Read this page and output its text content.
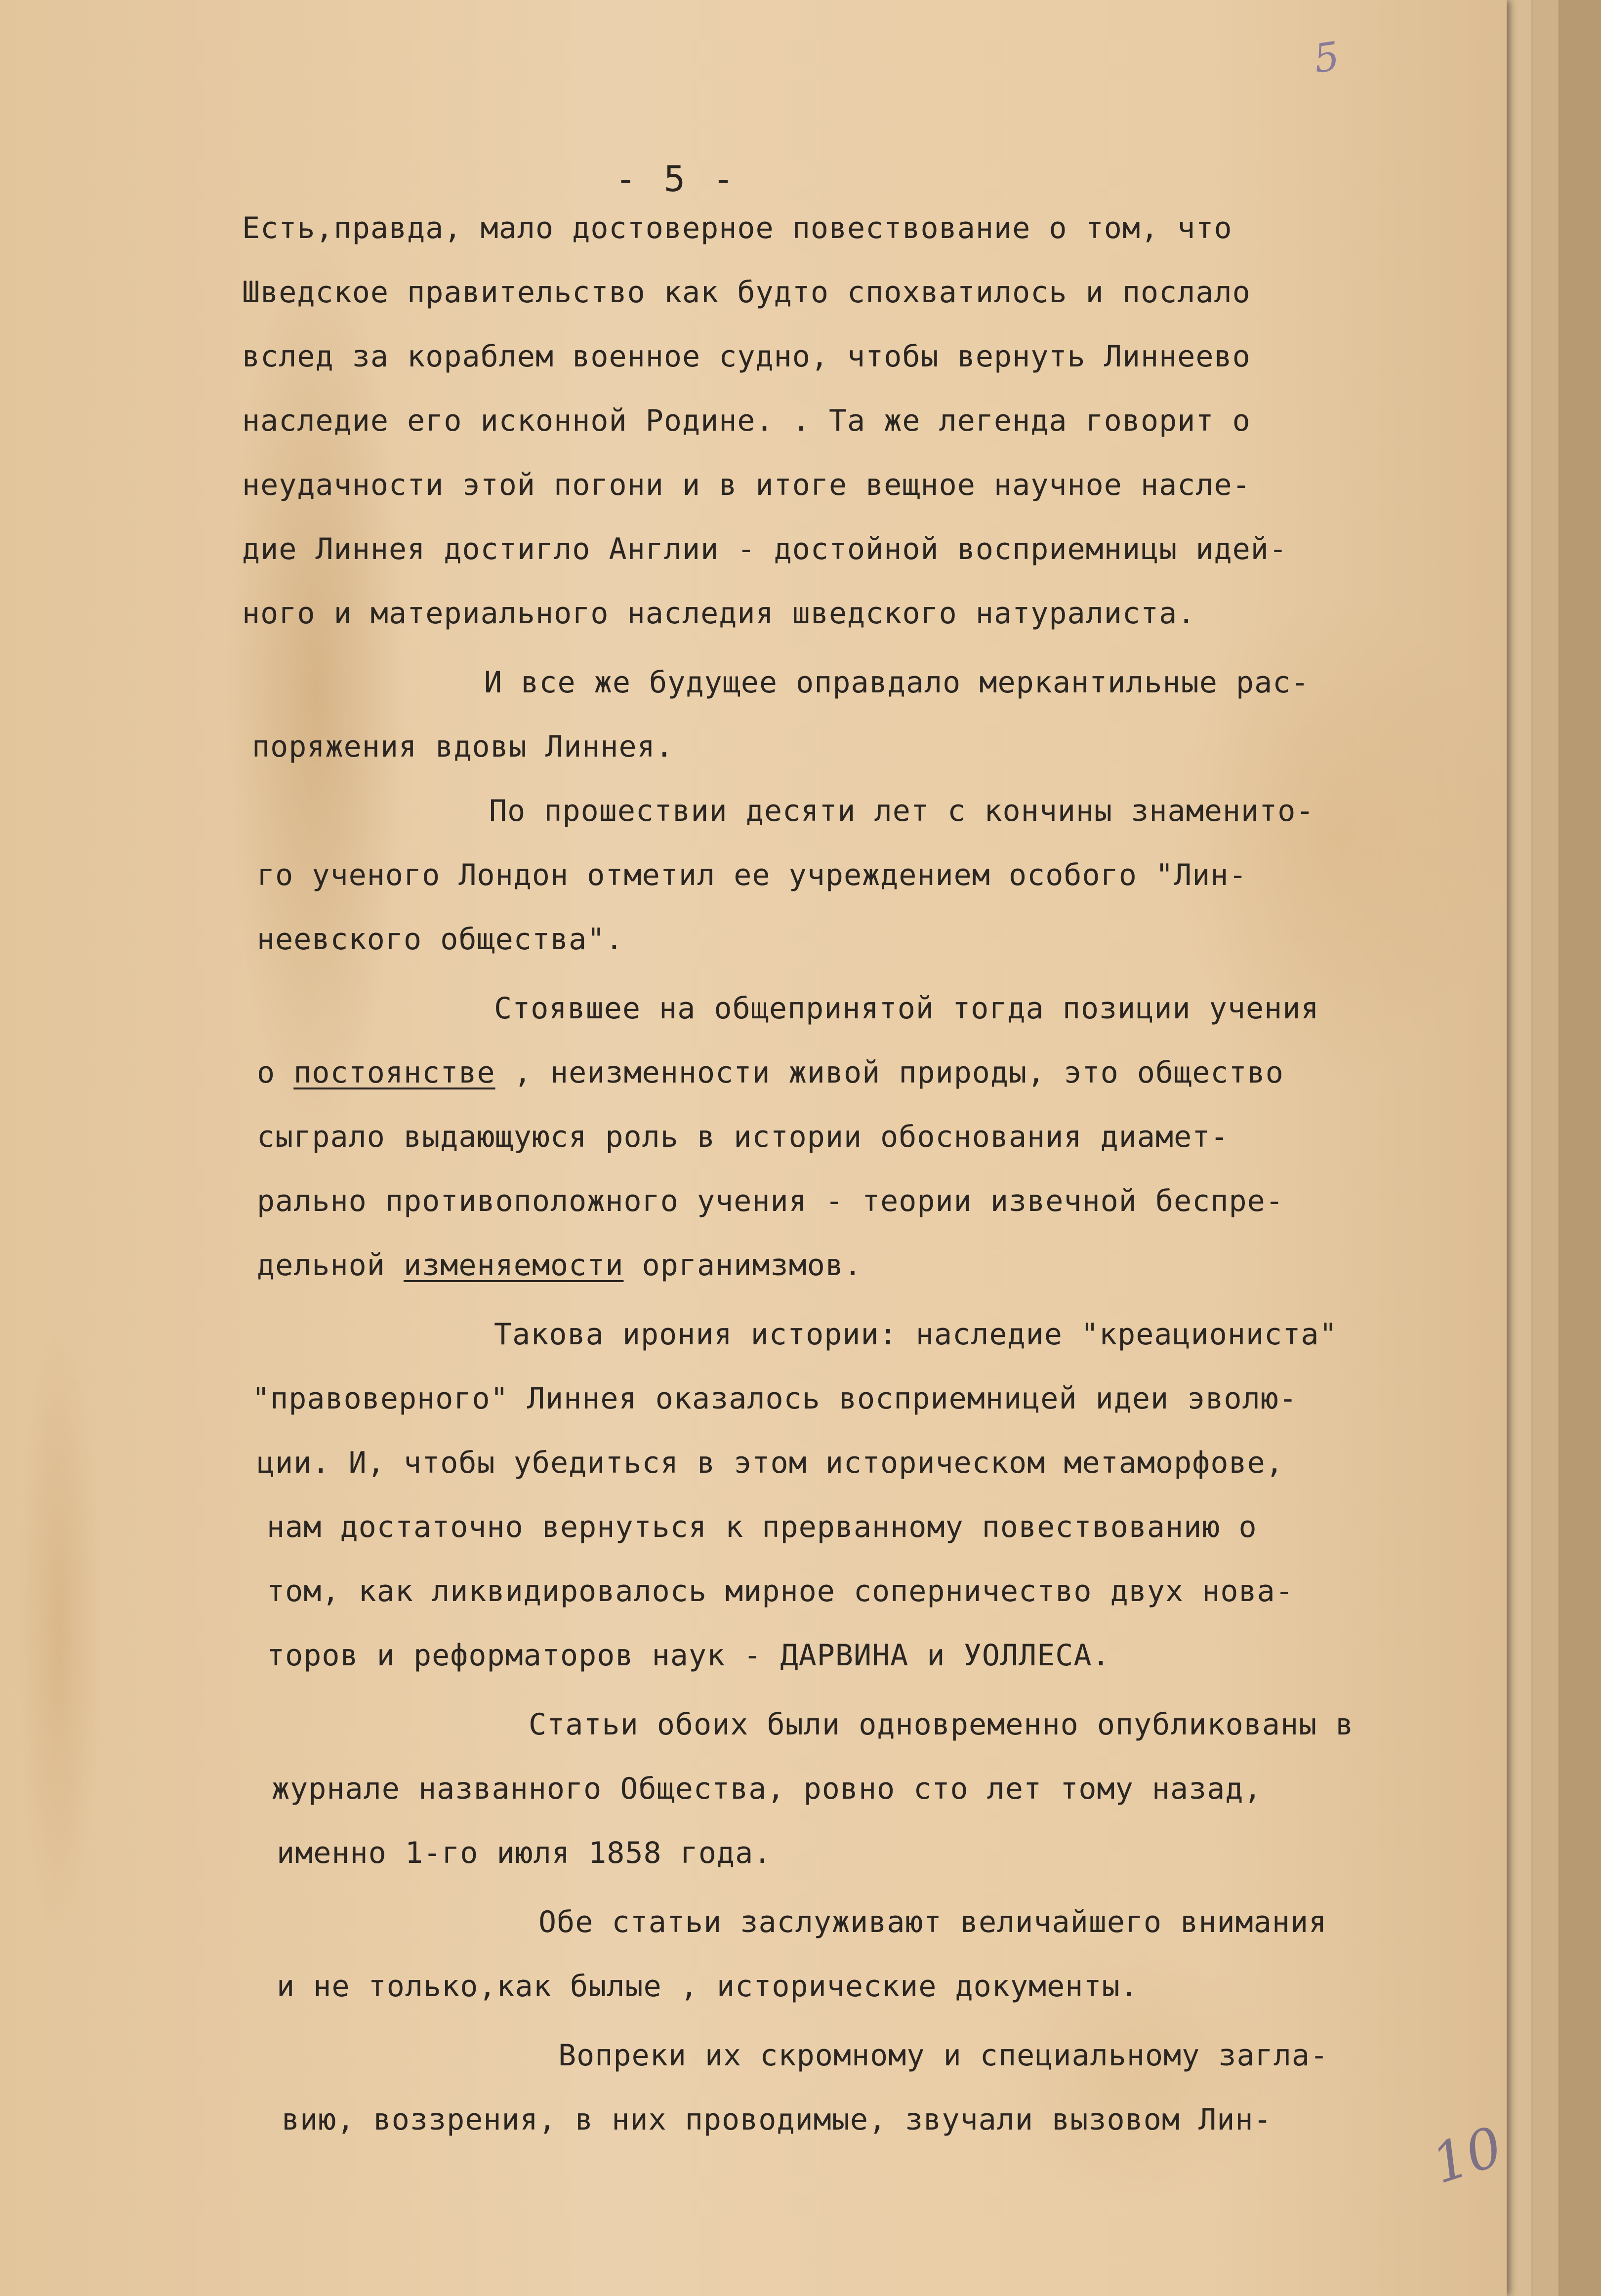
5
- 5 -

Есть,правда, мало достоверное повествование о том, что

Шведское правительство как будто спохватилось и послало

вслед за кораблем военное судно, чтобы вернуть Линнеево

наследие его исконной Родине. . Та же легенда говорит о

неудачности этой погони и в итоге вещное научное насле-

дие Линнея достигло Англии - достойной восприемницы идей-

ного и материального наследия шведского натуралиста.

И все же будущее оправдало меркантильные рас-

поряжения вдовы Линнея.

По прошествии десяти лет с кончины знаменито-

го ученого Лондон отметил ее учреждением особого "Лин-

неевского общества".

Стоявшее на общепринятой тогда позиции учения

о постоянстве , неизменности живой природы, это общество

сыграло выдающуюся роль в истории обоснования диамет-

рально противоположного учения - теории извечной беспре-

дельной изменяемости органимзмов.

Такова ирония истории: наследие "креациониста"

"правоверного" Линнея оказалось восприемницей идеи эволю-

ции. И, чтобы убедиться в этом историческом метаморфове,

нам достаточно вернуться к прерванному повествованию о

том, как ликвидировалось мирное соперничество двух нова-

торов и реформаторов наук - ДАРВИНА и УОЛЛЕСА.

Статьи обоих были одновременно опубликованы в

журнале названного Общества, ровно сто лет тому назад,

именно 1-го июля 1858 года.

Обе статьи заслуживают величайшего внимания

и не только,как былые , исторические документы.

Вопреки их скромному и специальному загла-

вию, воззрения, в них проводимые, звучали вызовом Лин-

	10
